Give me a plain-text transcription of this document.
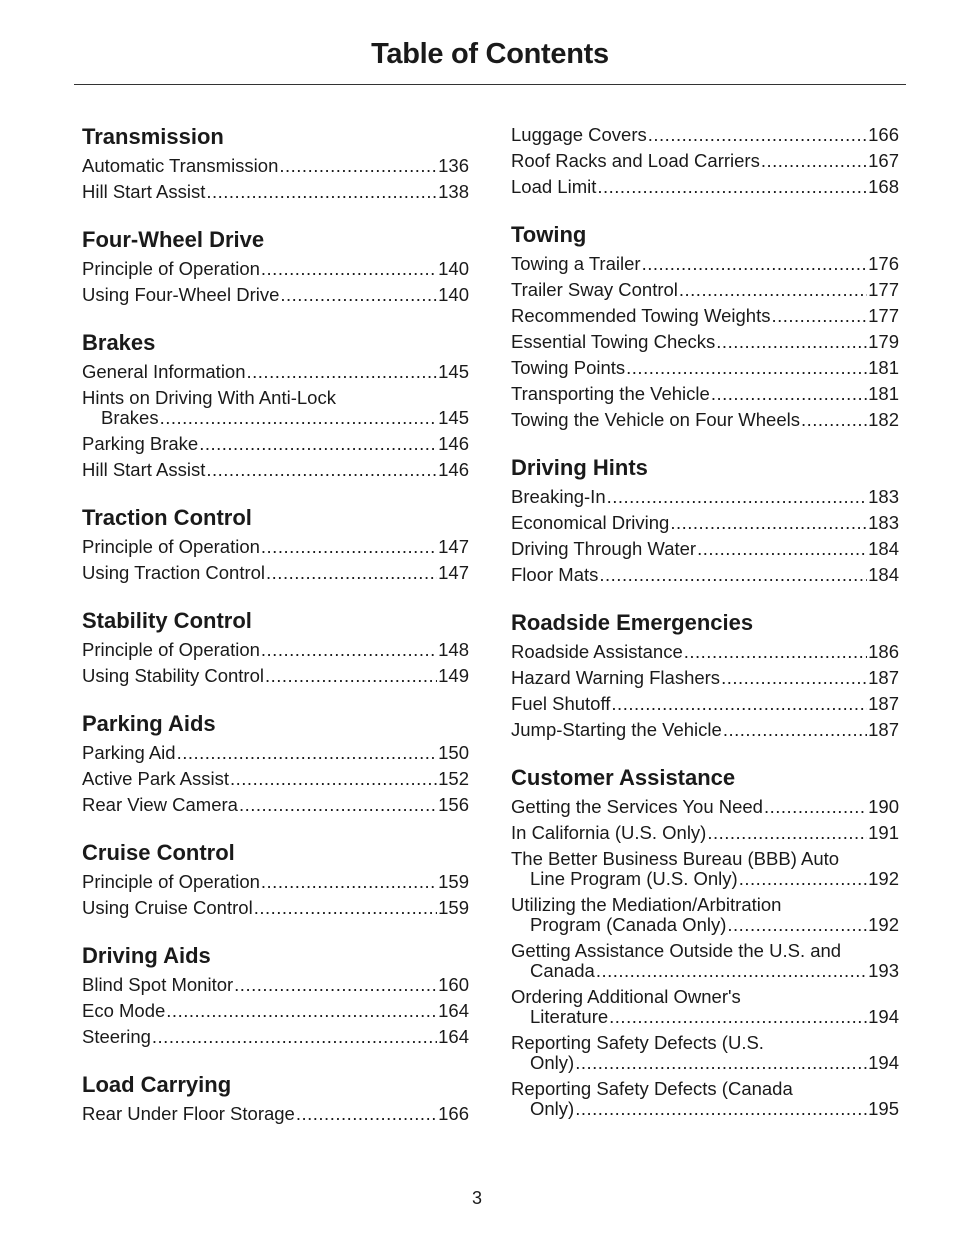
Table of Contents
Transmission
Automatic Transmission .....	136
Hill Start Assist .....	138
Four-Wheel Drive
Principle of Operation .....	140
Using Four-Wheel Drive .....	140
Brakes
General Information .....	145
Hints on Driving With Anti-Lock
Brakes .....	145
Parking Brake .....	146
Hill Start Assist .....	146
Traction Control
Principle of Operation .....	147
Using Traction Control .....	147
Stability Control
Principle of Operation .....	148
Using Stability Control .....	149
Parking Aids
Parking Aid .....	150
Active Park Assist .....	152
Rear View Camera .....	156
Cruise Control
Principle of Operation .....	159
Using Cruise Control .....	159
Driving Aids
Blind Spot Monitor .....	160
Eco Mode .....	164
Steering .....	164
Load Carrying
Rear Under Floor Storage .....	166
Luggage Covers .....	166
Roof Racks and Load Carriers .....	167
Load Limit .....	168
Towing
Towing a Trailer .....	176
Trailer Sway Control .....	177
Recommended Towing Weights .....	177
Essential Towing Checks .....	179
Towing Points .....	181
Transporting the Vehicle .....	181
Towing the Vehicle on Four Wheels .....	182
Driving Hints
Breaking-In .....	183
Economical Driving .....	183
Driving Through Water .....	184
Floor Mats .....	184
Roadside Emergencies
Roadside Assistance .....	186
Hazard Warning Flashers .....	187
Fuel Shutoff .....	187
Jump-Starting the Vehicle .....	187
Customer Assistance
Getting the Services You Need .....	190
In California (U.S. Only) .....	191
The Better Business Bureau (BBB) Auto
Line Program (U.S. Only) .....	192
Utilizing the Mediation/Arbitration
Program (Canada Only) .....	192
Getting Assistance Outside the U.S. and
Canada .....	193
Ordering Additional Owner's
Literature .....	194
Reporting Safety Defects (U.S.
Only) .....	194
Reporting Safety Defects (Canada
Only) .....	195
3
